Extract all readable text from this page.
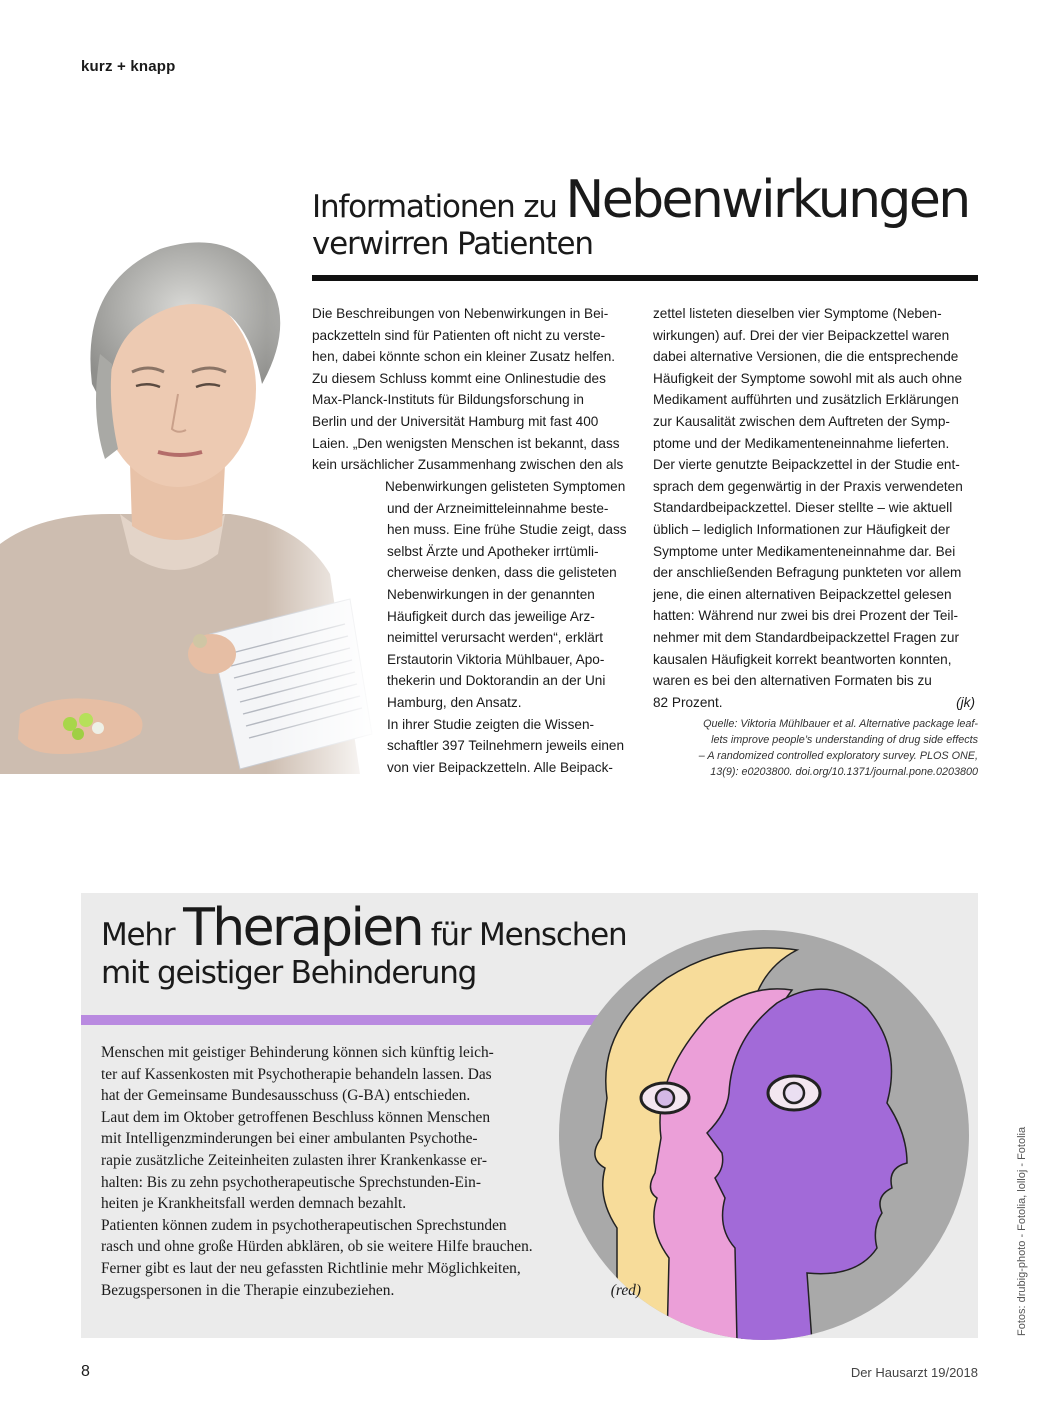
kurz + knapp
Informationen zu Nebenwirkungen
verwirren Patienten
Die Beschreibungen von Nebenwirkungen in Bei-
packzetteln sind für Patienten oft nicht zu verste-
hen, dabei könnte schon ein kleiner Zusatz helfen.
Zu diesem Schluss kommt eine Onlinestudie des
Max-Planck-Instituts für Bildungsforschung in
Berlin und der Universität Hamburg mit fast 400
Laien. „Den wenigsten Menschen ist bekannt, dass
kein ursächlicher Zusammenhang zwischen den als
Nebenwirkungen gelisteten Symptomen
und der Arzneimitteleinnahme beste-
hen muss. Eine frühe Studie zeigt, dass
selbst Ärzte und Apotheker irrtümli-
cherweise denken, dass die gelisteten
Nebenwirkungen in der genannten
Häufigkeit durch das jeweilige Arz-
neimittel verursacht werden“, erklärt
Erstautorin Viktoria Mühlbauer, Apo-
thekerin und Doktorandin an der Uni
Hamburg, den Ansatz.
In ihrer Studie zeigten die Wissen-
schaftler 397 Teilnehmern jeweils einen
von vier Beipackzetteln. Alle Beipack-
zettel listeten dieselben vier Symptome (Neben-
wirkungen) auf. Drei der vier Beipackzettel waren
dabei alternative Versionen, die die entsprechende
Häufigkeit der Symptome sowohl mit als auch ohne
Medikament aufführten und zusätzlich Erklärungen
zur Kausalität zwischen dem Auftreten der Symp-
ptome und der Medikamenteneinnahme lieferten.
Der vierte genutzte Beipackzettel in der Studie ent-
sprach dem gegenwärtig in der Praxis verwendeten
Standardbeipackzettel. Dieser stellte – wie aktuell
üblich – lediglich Informationen zur Häufigkeit der
Symptome unter Medikamenteneinnahme dar. Bei
der anschließenden Befragung punkteten vor allem
jene, die einen alternativen Beipackzettel gelesen
hatten: Während nur zwei bis drei Prozent der Teil-
nehmer mit dem Standardbeipackzettel Fragen zur
kausalen Häufigkeit korrekt beantworten konnten,
waren es bei den alternativen Formaten bis zu
82 Prozent.	(jk)
Quelle: Viktoria Mühlbauer et al. Alternative package leaf-
lets improve people’s understanding of drug side effects
– A randomized controlled exploratory survey. PLOS ONE,
13(9): e0203800. doi.org/10.1371/journal.pone.0203800
Mehr Therapien für Menschen
mit geistiger Behinderung
Menschen mit geistiger Behinderung können sich künftig leich-
ter auf Kassenkosten mit Psychotherapie behandeln lassen. Das
hat der Gemeinsame Bundesausschuss (G-BA) entschieden.
Laut dem im Oktober getroffenen Beschluss können Menschen
mit Intelligenzminderungen bei einer ambulanten Psychothe-
rapie zusätzliche Zeiteinheiten zulasten ihrer Krankenkasse er-
halten: Bis zu zehn psychotherapeutische Sprechstunden-Ein-
heiten je Krankheitsfall werden demnach bezahlt.
Patienten können zudem in psychotherapeutischen Sprechstunden
rasch und ohne große Hürden abklären, ob sie weitere Hilfe brauchen.
Ferner gibt es laut der neu gefassten Richtlinie mehr Möglichkeiten,
Bezugspersonen in die Therapie einzubeziehen.	(red)	Fotos: drubig-photo - Fotolia, lolloj - Fotolia
8	Der Hausarzt 19/2018
